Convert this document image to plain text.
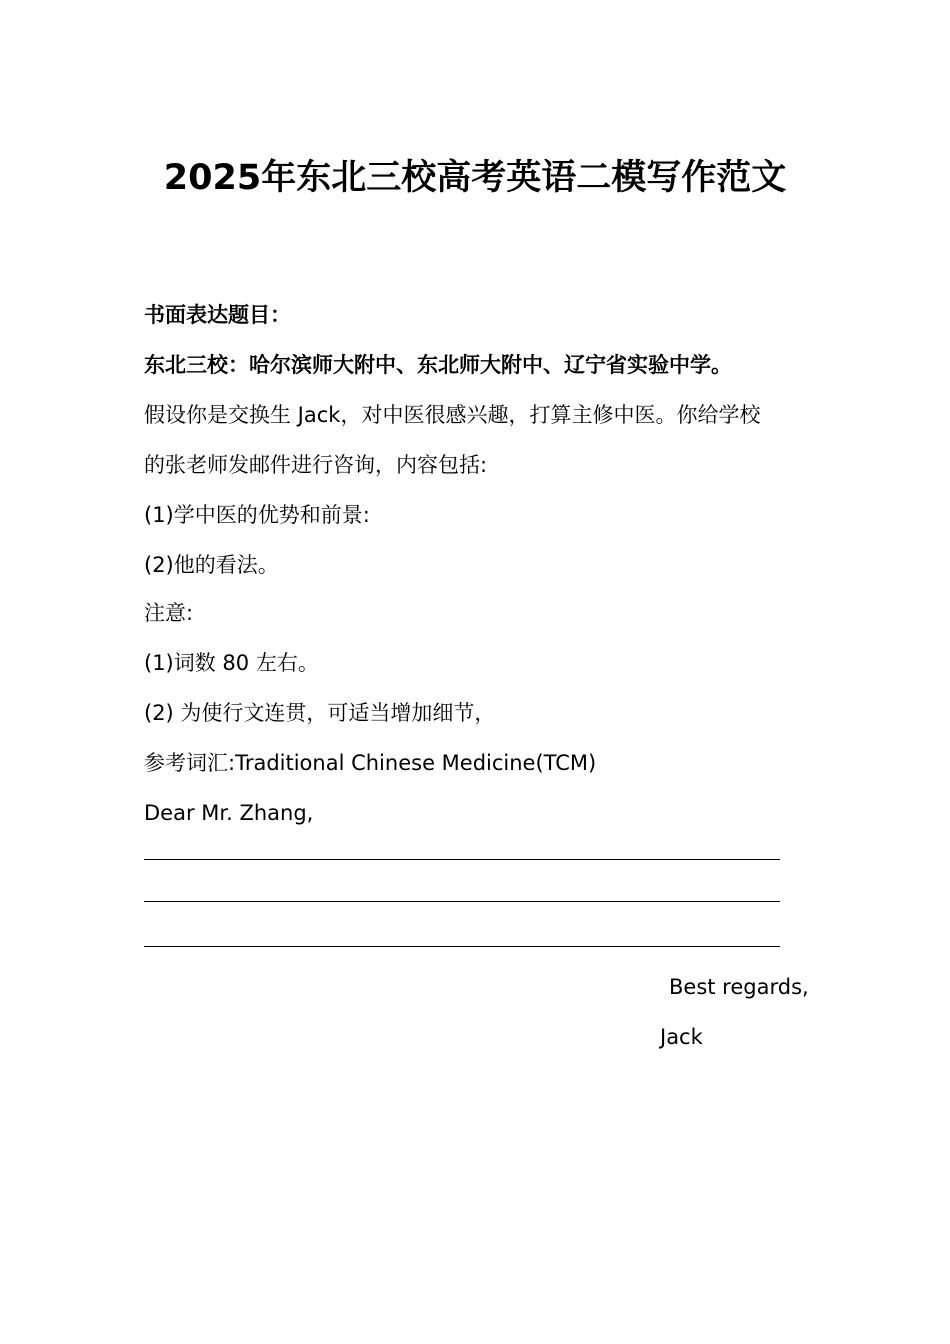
2025年东北三校高考英语二模写作范文
书面表达题目：
东北三校：哈尔滨师大附中、东北师大附中、辽宁省实验中学。
假设你是交换生 Jack，对中医很感兴趣，打算主修中医。你给学校
的张老师发邮件进行咨询，内容包括:
(1)学中医的优势和前景:
(2)他的看法。
注意:
(1)词数 80 左右。
(2) 为使行文连贯，可适当增加细节，
参考词汇:Traditional Chinese Medicine(TCM)
Dear Mr. Zhang,
Best regards,
Jack
